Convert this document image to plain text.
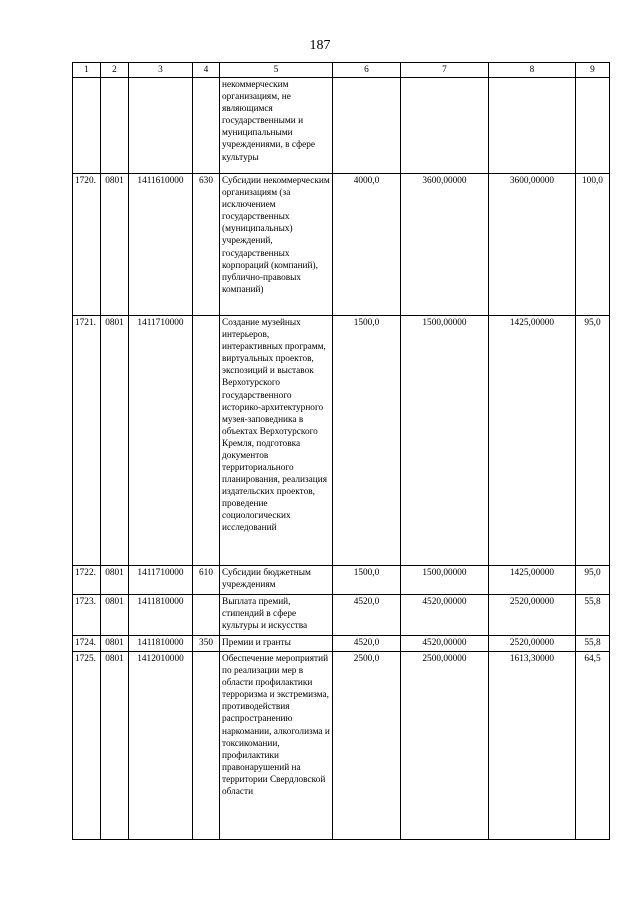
187
1	2	3	4	5	6	7	8	9
				некоммерческим организациям, не являющимся государственными и муниципальными учреждениями, в сфере культуры				
1720.	0801	1411610000	630	Субсидии некоммерческим организациям (за исключением государственных (муниципальных) учреждений, государственных корпораций (компаний), публично-правовых компаний)	4000,0	3600,00000	3600,00000	100,0
1721.	0801	1411710000		Создание музейных интерьеров, интерактивных программ, виртуальных проектов, экспозиций и выставок Верхотурского государственного историко-архитектурного музея-заповедника в объектах Верхотурского Кремля, подготовка документов территориального планирования, реализация издательских проектов, проведение социологических исследований	1500,0	1500,00000	1425,00000	95,0
1722.	0801	1411710000	610	Субсидии бюджетным учреждениям	1500,0	1500,00000	1425,00000	95,0
1723.	0801	1411810000		Выплата премий, стипендий в сфере культуры и искусства	4520,0	4520,00000	2520,00000	55,8
1724.	0801	1411810000	350	Премии и гранты	4520,0	4520,00000	2520,00000	55,8
1725.	0801	1412010000		Обеспечение мероприятий по реализации мер в области профилактики терроризма и экстремизма, противодействия распространению наркомании, алкоголизма и токсикомании, профилактики правонарушений на территории Свердловской области	2500,0	2500,00000	1613,30000	64,5
